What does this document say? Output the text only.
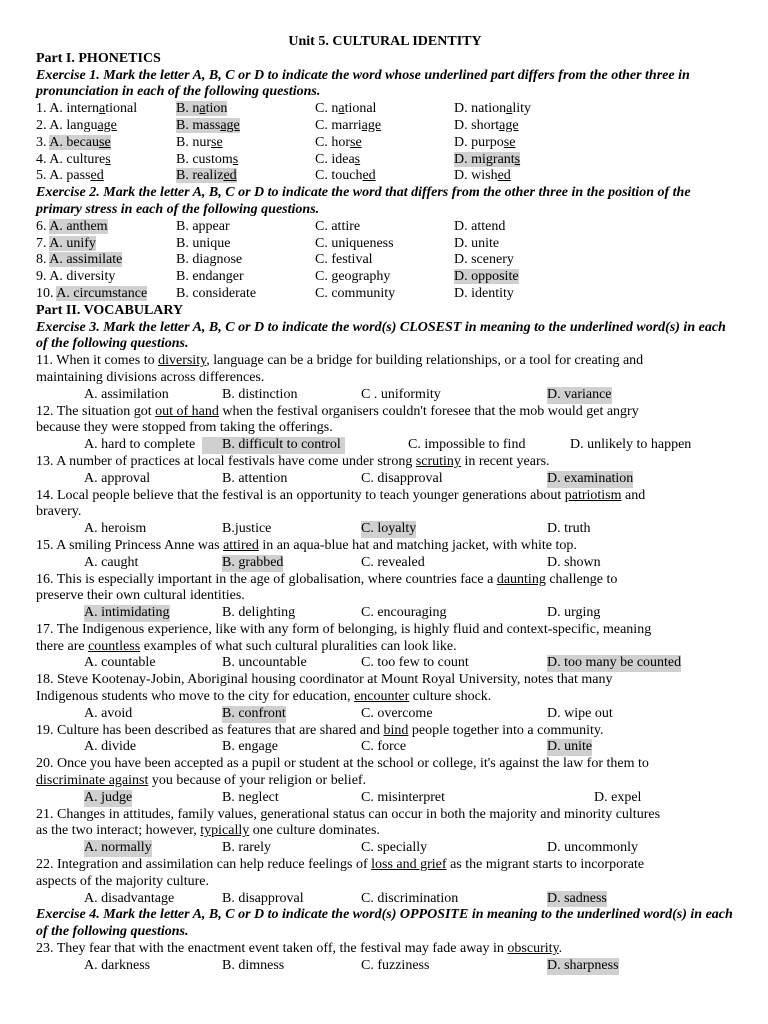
Unit 5. CULTURAL IDENTITY
Part I. PHONETICS
Exercise 1. Mark the letter A, B, C or D to indicate the word whose underlined part differs from the other three in pronunciation in each of the following questions.
1. A. international	B. nation	C. national	D. nationality
2. A. language	B. massage	C. marriage	D. shortage
3. A. because	B. nurse	C. horse	D. purpose
4. A. cultures	B. customs	C. ideas	D. migrants
5. A. passed	B. realized	C. touched	D. wished
Exercise 2. Mark the letter A, B, C or D to indicate the word that differs from the other three in the position of the primary stress in each of the following questions.
6. A. anthem	B. appear	C. attire	D. attend
7. A. unify	B. unique	C. uniqueness	D. unite
8. A. assimilate	B. diagnose	C. festival	D. scenery
9. A. diversity	B. endanger	C. geography	D. opposite
10. A. circumstance B. considerate	C. community	D. identity
Part II. VOCABULARY
Exercise 3. Mark the letter A, B, C or D to indicate the word(s) CLOSEST in meaning to the underlined word(s) in each of the following questions.
11. When it comes to diversity, language can be a bridge for building relationships, or a tool for creating and
maintaining divisions across differences.
A. assimilation	B. distinction	C . uniformity	D. variance
12. The situation got out of hand when the festival organisers couldn't foresee that the mob would get angry
because they were stopped from taking the offerings.
A. hard to complete	B. difficult to control	C. impossible to find	D. unlikely to happen
13. A number of practices at local festivals have come under strong scrutiny in recent years.
A. approval	B. attention	C. disapproval	D. examination
14. Local people believe that the festival is an opportunity to teach younger generations about patriotism and
bravery.
A. heroism	B.justice	C. loyalty	D. truth
15. A smiling Princess Anne was attired in an aqua-blue hat and matching jacket, with white top.
A. caught	B. grabbed	C. revealed	D. shown
16. This is especially important in the age of globalisation, where countries face a daunting challenge to
preserve their own cultural identities.
A. intimidating	B. delighting	C. encouraging	D. urging
17. The Indigenous experience, like with any form of belonging, is highly fluid and context-specific, meaning
there are countless examples of what such cultural pluralities can look like.
A. countable	B. uncountable	C. too few to count	D. too many be counted
18. Steve Kootenay-Jobin, Aboriginal housing coordinator at Mount Royal University, notes that many
Indigenous students who move to the city for education, encounter culture shock.
A. avoid	B. confront	C. overcome	D. wipe out
19. Culture has been described as features that are shared and bind people together into a community.
A. divide	B. engage	C. force	D. unite
20. Once you have been accepted as a pupil or student at the school or college, it's against the law for them to
discriminate against you because of your religion or belief.
A. judge	B. neglect	C. misinterpret	D. expel
21. Changes in attitudes, family values, generational status can occur in both the majority and minority cultures
as the two interact; however, typically one culture dominates.
A. normally	B. rarely	C. specially	D. uncommonly
22. Integration and assimilation can help reduce feelings of loss and grief as the migrant starts to incorporate
aspects of the majority culture.
A. disadvantage	B. disapproval	C. discrimination	D. sadness
Exercise 4. Mark the letter A, B, C or D to indicate the word(s) OPPOSITE in meaning to the underlined word(s) in each of the following questions.
23. They fear that with the enactment event taken off, the festival may fade away in obscurity.
A. darkness	B. dimness	C. fuzziness	D. sharpness
